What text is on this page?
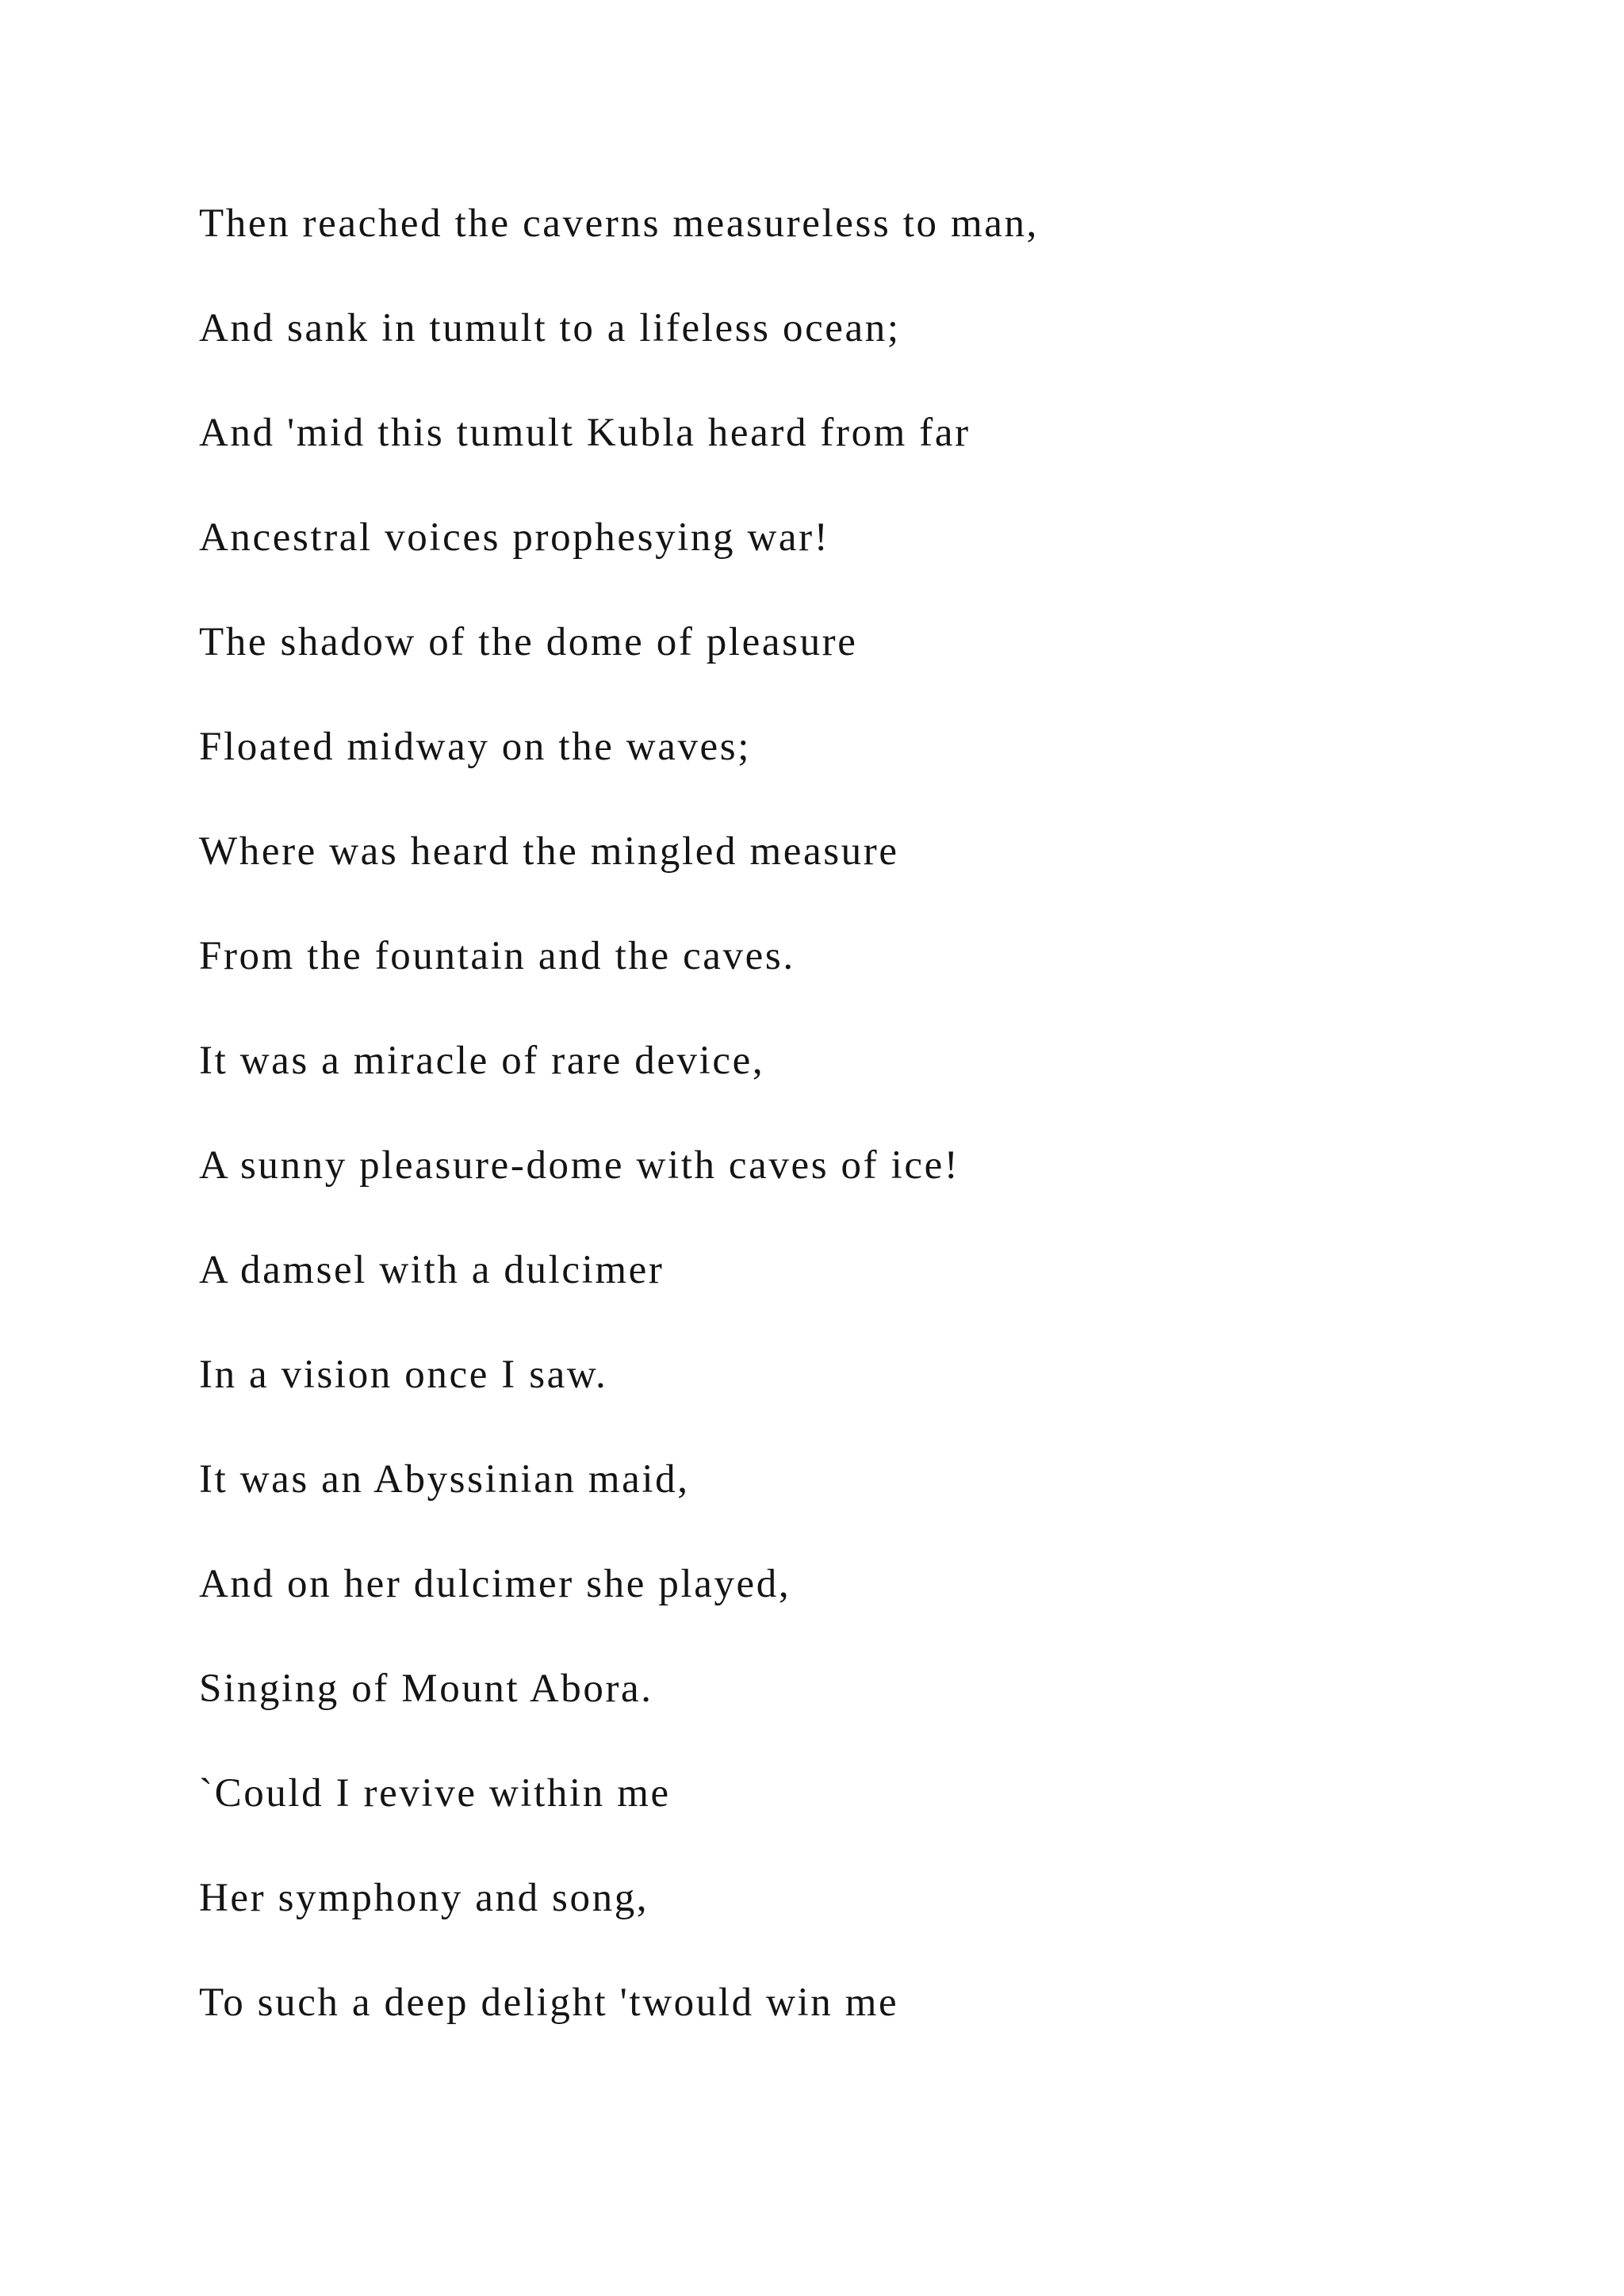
Then reached the caverns measureless to man,
And sank in tumult to a lifeless ocean;
And 'mid this tumult Kubla heard from far
Ancestral voices prophesying war!
The shadow of the dome of pleasure
Floated midway on the waves;
Where was heard the mingled measure
From the fountain and the caves.
It was a miracle of rare device,
A sunny pleasure-dome with caves of ice!
A damsel with a dulcimer
In a vision once I saw.
It was an Abyssinian maid,
And on her dulcimer she played,
Singing of Mount Abora.
`Could I revive within me
Her symphony and song,
To such a deep delight 'twould win me
